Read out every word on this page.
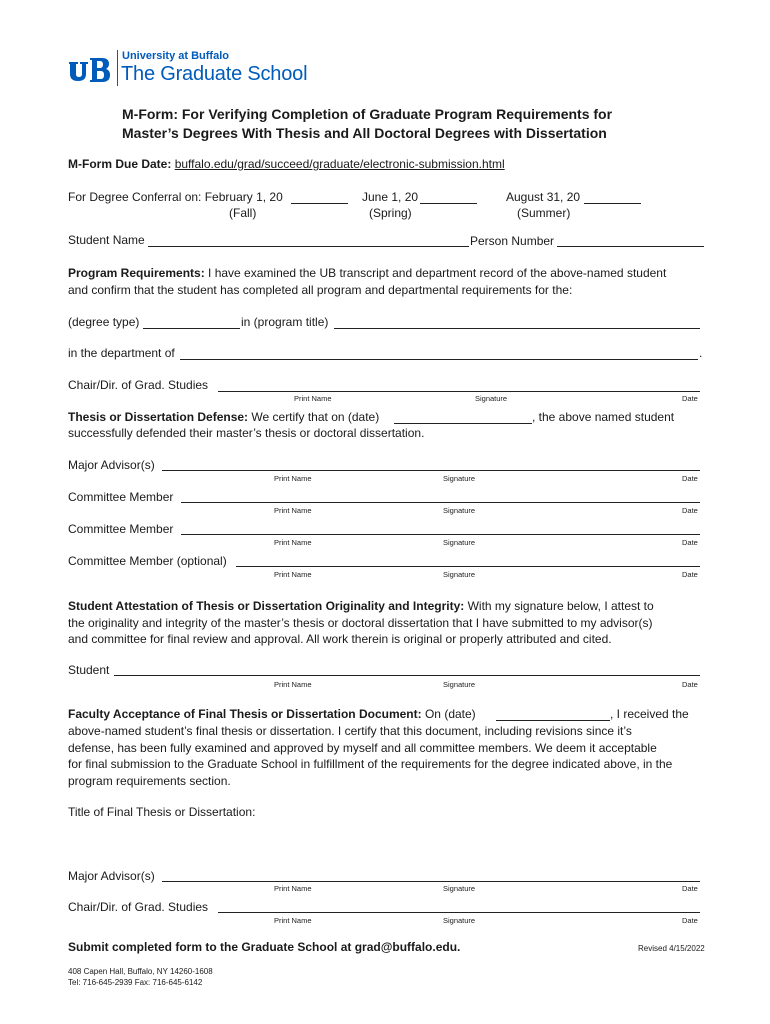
University at Buffalo
The Graduate School
M-Form: For Verifying Completion of Graduate Program Requirements for
Master’s Degrees With Thesis and All Doctoral Degrees with Dissertation
M-Form Due Date: buffalo.edu/grad/succeed/graduate/electronic-submission.html
For Degree Conferral on: February 1, 20
(Fall)
June 1, 20
(Spring)
August 31, 20
(Summer)
Student Name	Person Number
Program Requirements: I have examined the UB transcript and department record of the above-named student
and confirm that the student has completed all program and departmental requirements for the:
(degree type)	in (program title)
in the department of	.
Chair/Dir. of Grad. Studies
Print Name	Signature	Date
Thesis or Dissertation Defense: We certify that on (date)	, the above named student
successfully defended their master’s thesis or doctoral dissertation.
Major Advisor(s)
Print Name	Signature	Date
Committee Member
Print Name	Signature	Date
Committee Member
Print Name	Signature	Date
Committee Member (optional)
Print Name	Signature	Date
Student Attestation of Thesis or Dissertation Originality and Integrity: With my signature below, I attest to
the originality and integrity of the master’s thesis or doctoral dissertation that I have submitted to my advisor(s)
and committee for final review and approval. All work therein is original or properly attributed and cited.
Student
Print Name	Signature	Date
Faculty Acceptance of Final Thesis or Dissertation Document: On (date)	, I received the
above-named student’s final thesis or dissertation. I certify that this document, including revisions since it’s
defense, has been fully examined and approved by myself and all committee members. We deem it acceptable
for final submission to the Graduate School in fulfillment of the requirements for the degree indicated above, in the
program requirements section.
Title of Final Thesis or Dissertation:
Major Advisor(s)
Print Name	Signature	Date
Chair/Dir. of Grad. Studies
Print Name	Signature	Date
Submit completed form to the Graduate School at grad@buffalo.edu.	Revised 4/15/2022
408 Capen Hall, Buffalo, NY 14260-1608
Tel: 716-645-2939 Fax: 716-645-6142
